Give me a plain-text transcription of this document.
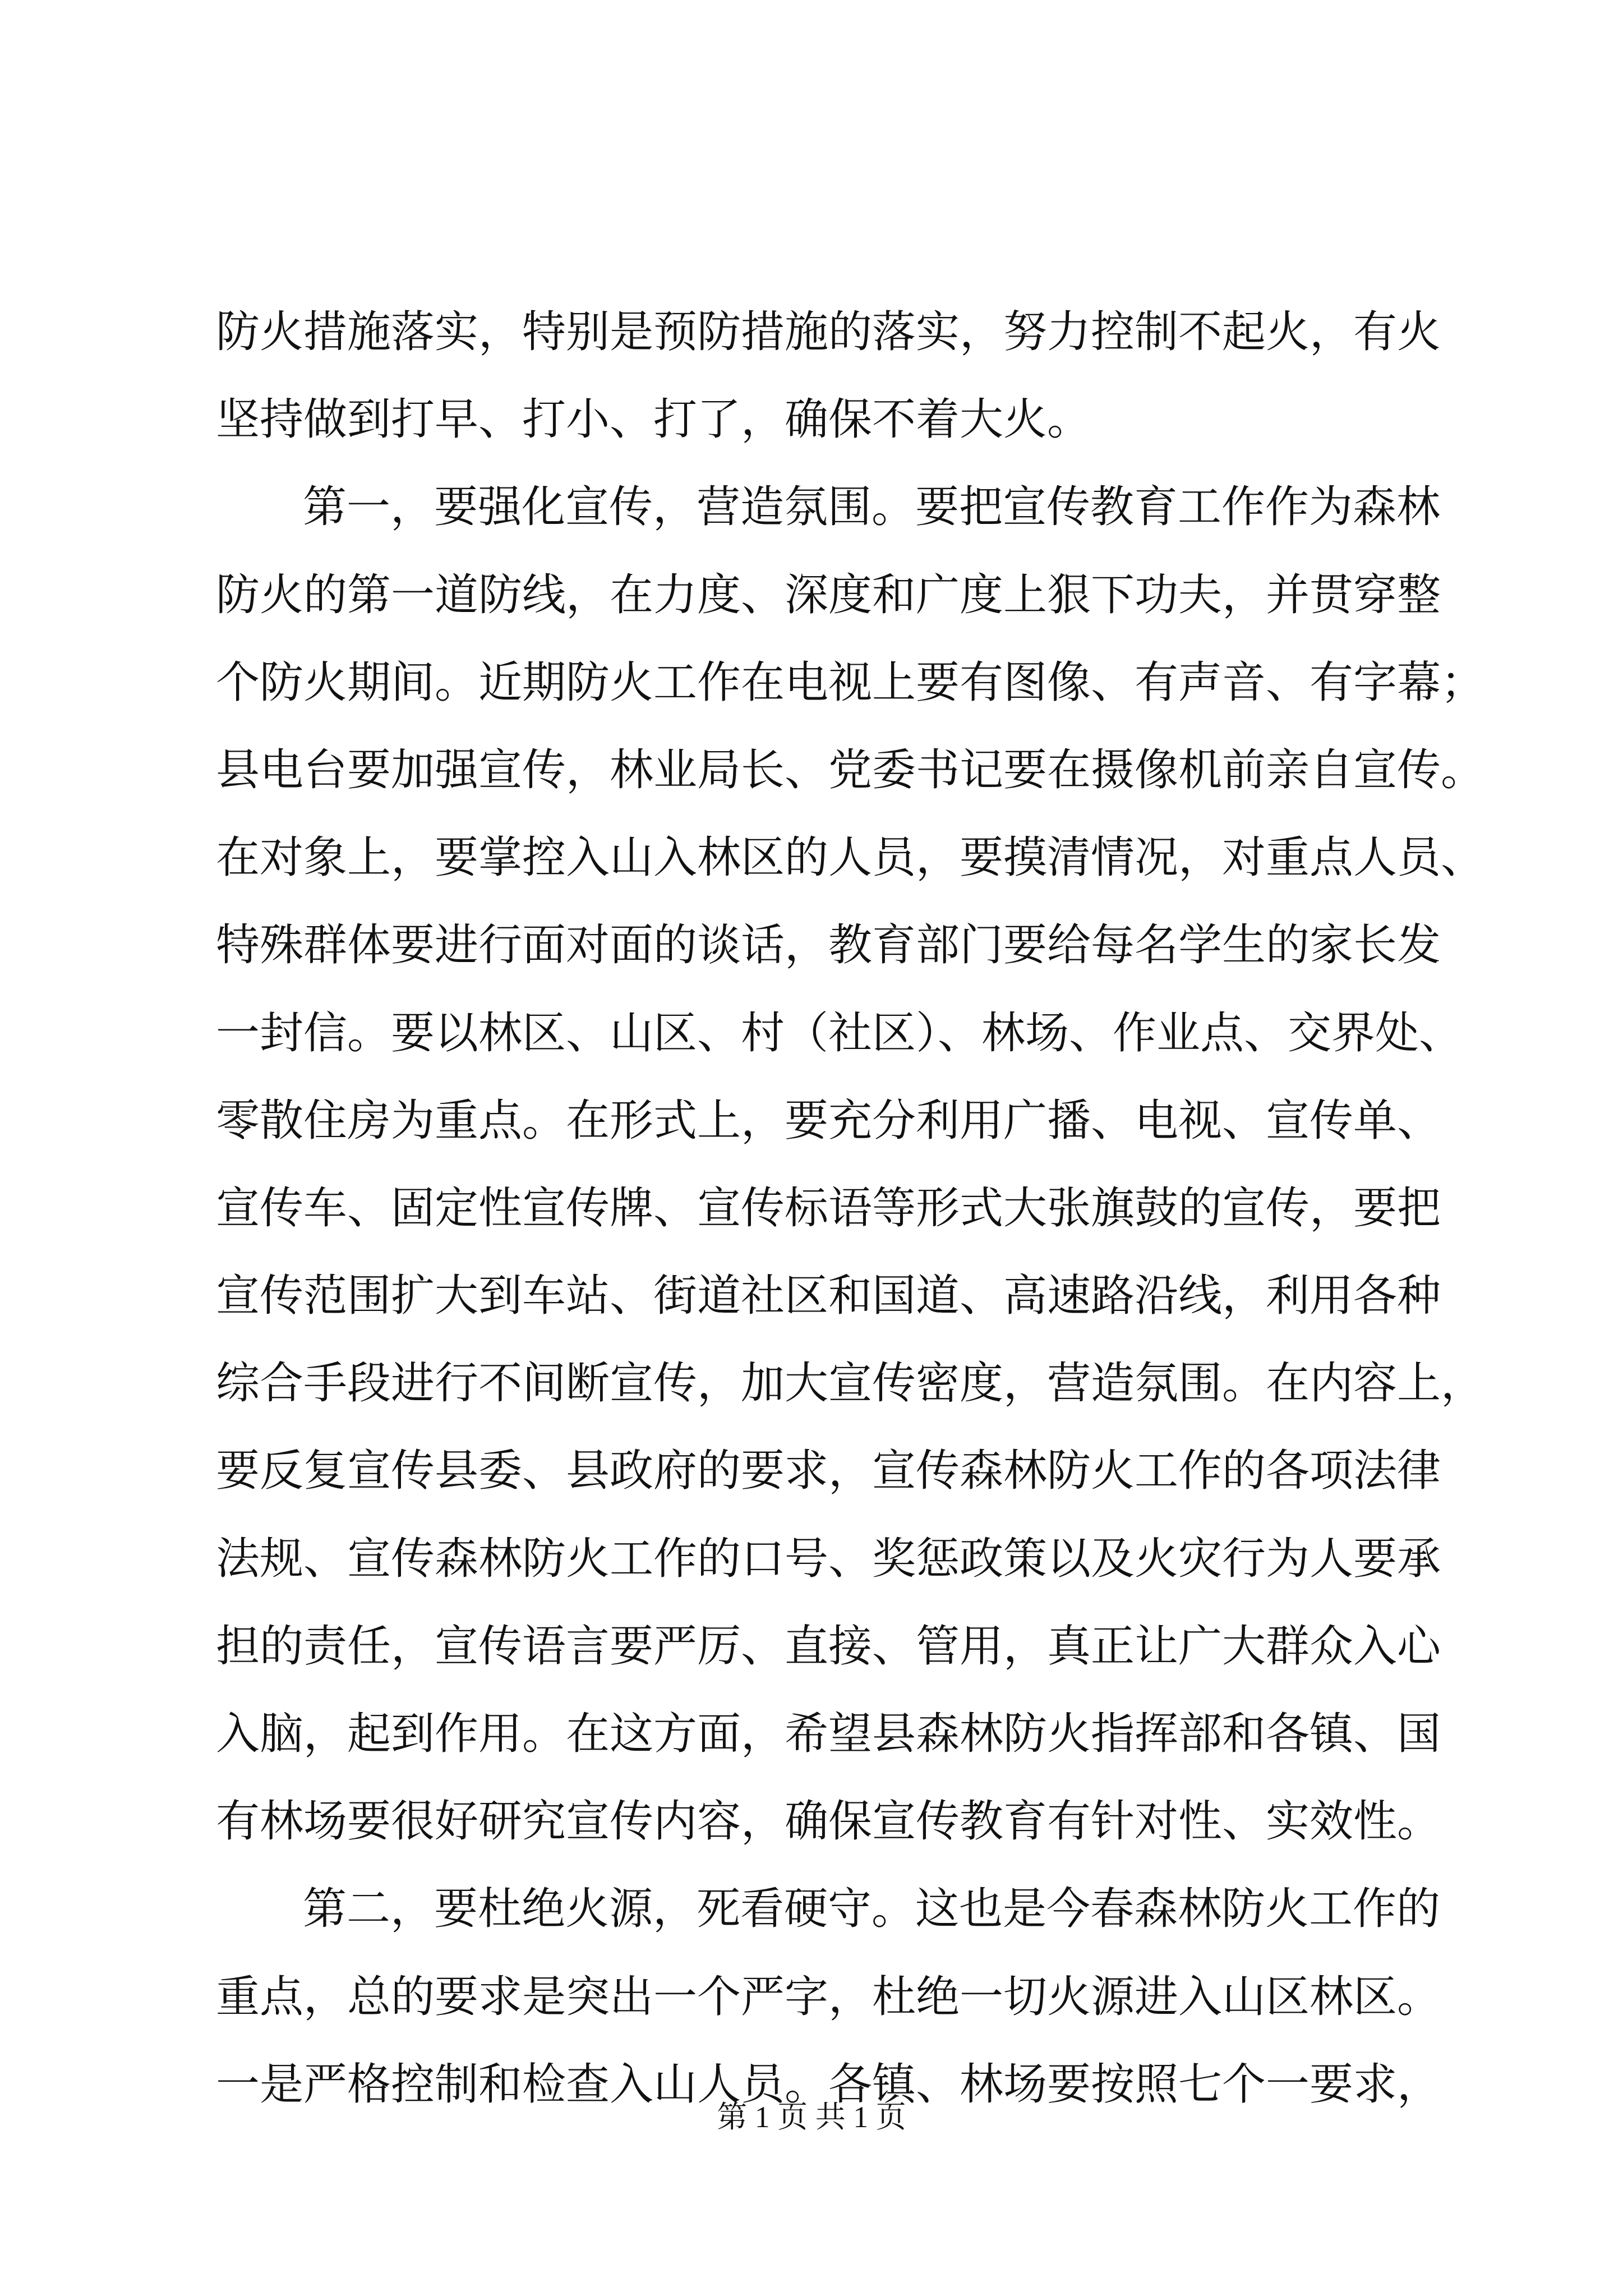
防火措施落实，特别是预防措施的落实，努力控制不起火，有火
坚持做到打早、打小、打了，确保不着大火。
第一，要强化宣传，营造氛围。要把宣传教育工作作为森林
防火的第一道防线，在力度、深度和广度上狠下功夫，并贯穿整
个防火期间。近期防火工作在电视上要有图像、有声音、有字幕；
县电台要加强宣传，林业局长、党委书记要在摄像机前亲自宣传。
在对象上，要掌控入山入林区的人员，要摸清情况，对重点人员、
特殊群体要进行面对面的谈话，教育部门要给每名学生的家长发
一封信。要以林区、山区、村（社区）、林场、作业点、交界处、
零散住房为重点。在形式上，要充分利用广播、电视、宣传单、
宣传车、固定性宣传牌、宣传标语等形式大张旗鼓的宣传，要把
宣传范围扩大到车站、街道社区和国道、高速路沿线，利用各种
综合手段进行不间断宣传，加大宣传密度，营造氛围。在内容上，
要反复宣传县委、县政府的要求，宣传森林防火工作的各项法律
法规、宣传森林防火工作的口号、奖惩政策以及火灾行为人要承
担的责任，宣传语言要严厉、直接、管用，真正让广大群众入心
入脑，起到作用。在这方面，希望县森林防火指挥部和各镇、国
有林场要很好研究宣传内容，确保宣传教育有针对性、实效性。
第二，要杜绝火源，死看硬守。这也是今春森林防火工作的
重点，总的要求是突出一个严字，杜绝一切火源进入山区林区。
一是严格控制和检查入山人员。各镇、林场要按照七个一要求，
第 1 页 共 1 页
